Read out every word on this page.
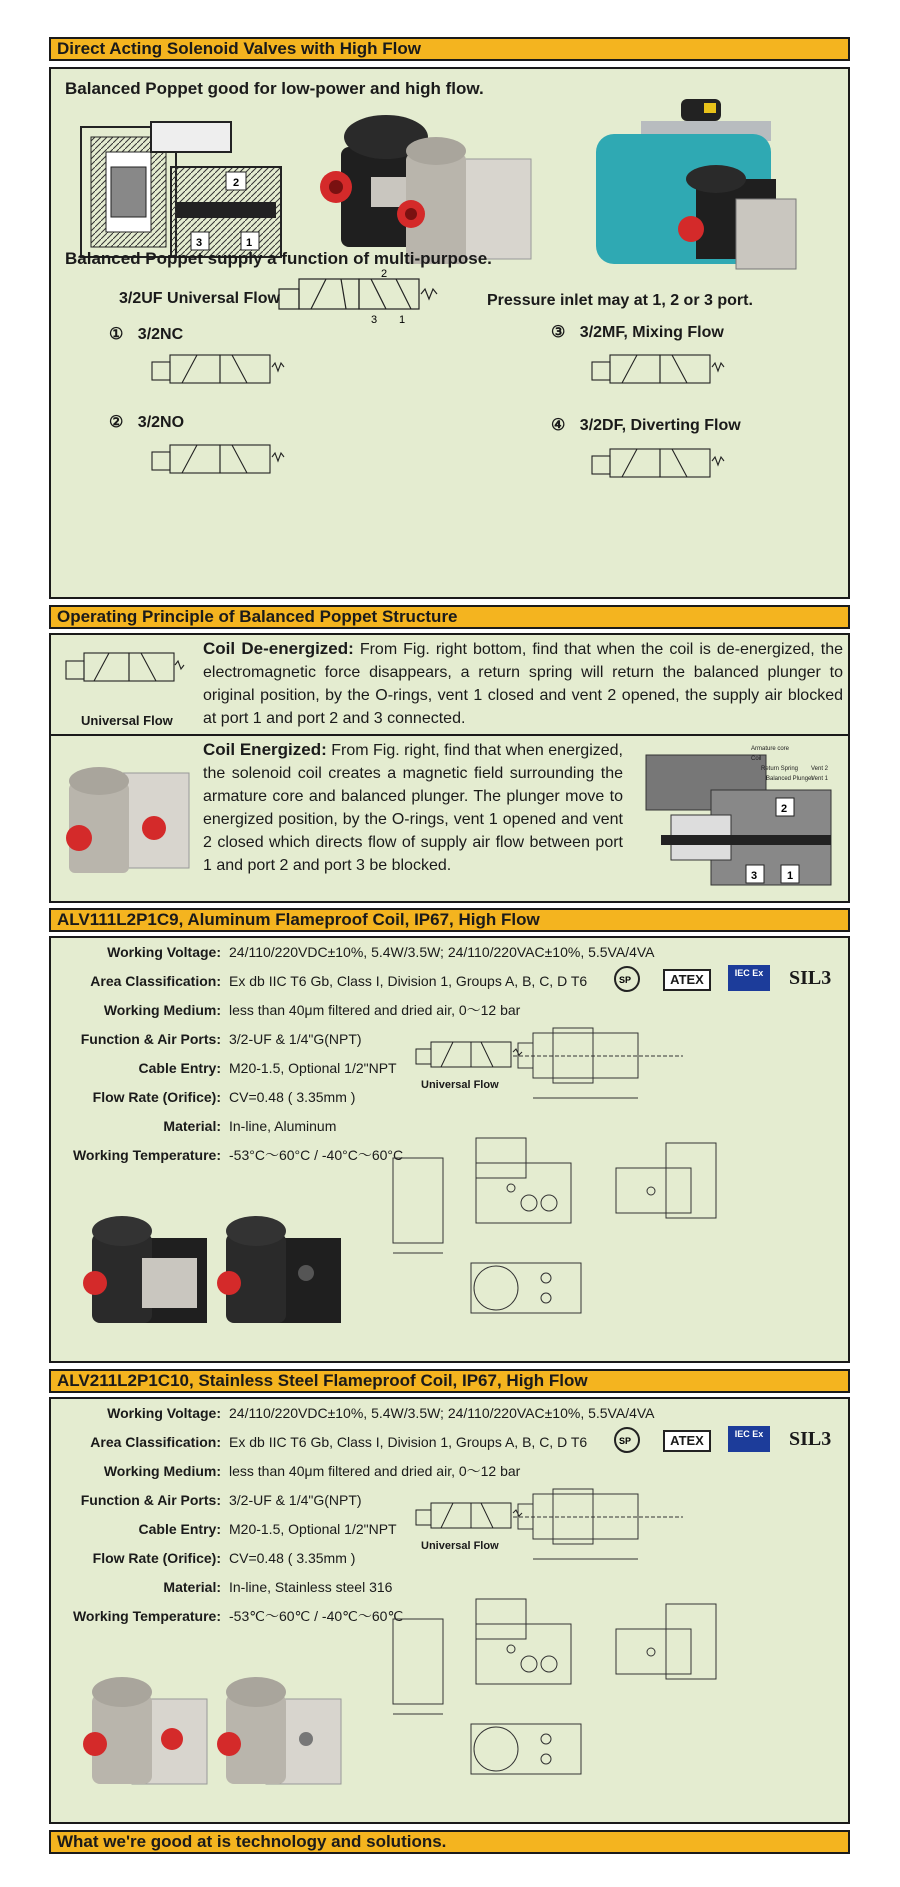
Direct Acting Solenoid Valves with High Flow
Balanced Poppet good for low-power and high flow.
2
3	1
Balanced Poppet supply a function of multi-purpose.
3/2UF Universal Flow	Pressure inlet may at 1, 2 or 3 port.
2
3 1
① 3/2NC
② 3/2NO
③ 3/2MF, Mixing Flow
④ 3/2DF, Diverting Flow
Operating Principle of Balanced Poppet Structure
Universal Flow
Coil De-energized: From Fig. right bottom, find that when the coil is de-energized, the electromagnetic force disappears, a return spring will return the balanced plunger to original position, by the O-rings, vent 1 closed and vent 2 opened, the supply air blocked at port 1 and port 2 and 3 connected.
Coil Energized: From Fig. right, find that when energized, the solenoid coil creates a magnetic field surrounding the armature core and balanced plunger. The plunger move to energized position, by the O-rings, vent 1 opened and vent 2 closed which directs flow of supply air flow between port 1 and port 2 and port 3 be blocked.
2
3	1
Armature core
Coil
Return Spring
Balanced Plunger
Vent 2
Vent 1
ALV111L2P1C9, Aluminum Flameproof Coil, IP67, High Flow
Working Voltage: 24/110/220VDC±10%, 5.4W/3.5W; 24/110/220VAC±10%, 5.5VA/4VA
Area Classification: Ex db IIC T6 Gb, Class I, Division 1, Groups A, B, C, D T6
Working Medium: less than 40μm filtered and dried air, 0～12 bar
Function & Air Ports: 3/2-UF & 1/4"G(NPT)
Cable Entry: M20-1.5, Optional 1/2"NPT
Flow Rate (Orifice): CV=0.48 ( 3.35mm )
Material: In-line, Aluminum
Working Temperature: -53°C～60°C / -40°C～60°C
SP	ATEX	IEC Ex	SIL3
Universal Flow
ALV211L2P1C10, Stainless Steel Flameproof Coil, IP67, High Flow
Working Voltage: 24/110/220VDC±10%, 5.4W/3.5W; 24/110/220VAC±10%, 5.5VA/4VA
Area Classification: Ex db IIC T6 Gb, Class I, Division 1, Groups A, B, C, D T6
Working Medium: less than 40μm filtered and dried air, 0～12 bar
Function & Air Ports: 3/2-UF & 1/4"G(NPT)
Cable Entry: M20-1.5, Optional 1/2"NPT
Flow Rate (Orifice): CV=0.48 ( 3.35mm )
Material: In-line, Stainless steel 316
Working Temperature: -53℃～60℃ / -40℃～60℃
SP	ATEX	IEC Ex	SIL3
Universal Flow
What we're good at is technology and solutions.
